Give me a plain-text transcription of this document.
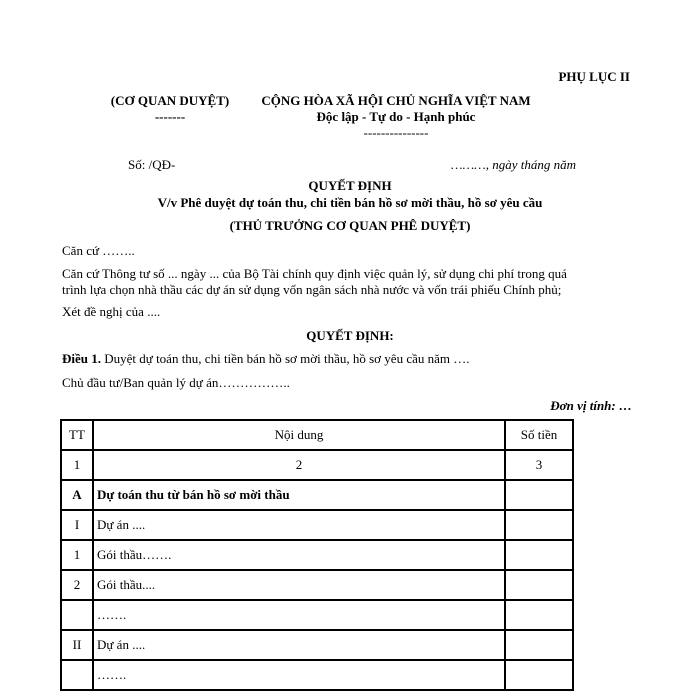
PHỤ LỤC II
(CƠ QUAN DUYỆT)
-------
CỘNG HÒA XÃ HỘI CHỦ NGHĨA VIỆT NAM
Độc lập - Tự do - Hạnh phúc
---------------
Số: /QĐ-	………, ngày tháng năm
QUYẾT ĐỊNH
V/v Phê duyệt dự toán thu, chi tiền bán hồ sơ mời thầu, hồ sơ yêu cầu
(THỦ TRƯỞNG CƠ QUAN PHÊ DUYỆT)
Căn cứ ……..
Căn cứ Thông tư số ... ngày ... của Bộ Tài chính quy định việc quản lý, sử dụng chi phí trong quá
trình lựa chọn nhà thầu các dự án sử dụng vốn ngân sách nhà nước và vốn trái phiếu Chính phủ;
Xét đề nghị của ....
QUYẾT ĐỊNH:
Điều 1. Duyệt dự toán thu, chi tiền bán hồ sơ mời thầu, hồ sơ yêu cầu năm ….
Chủ đầu tư/Ban quản lý dự án……………..
Đơn vị tính: …
TT	Nội dung	Số tiền
1	2	3
A	Dự toán thu từ bán hồ sơ mời thầu	
I	Dự án ....	
1	Gói thầu…….	
2	Gói thầu....	
	…….	
II	Dự án ....	
	…….	
